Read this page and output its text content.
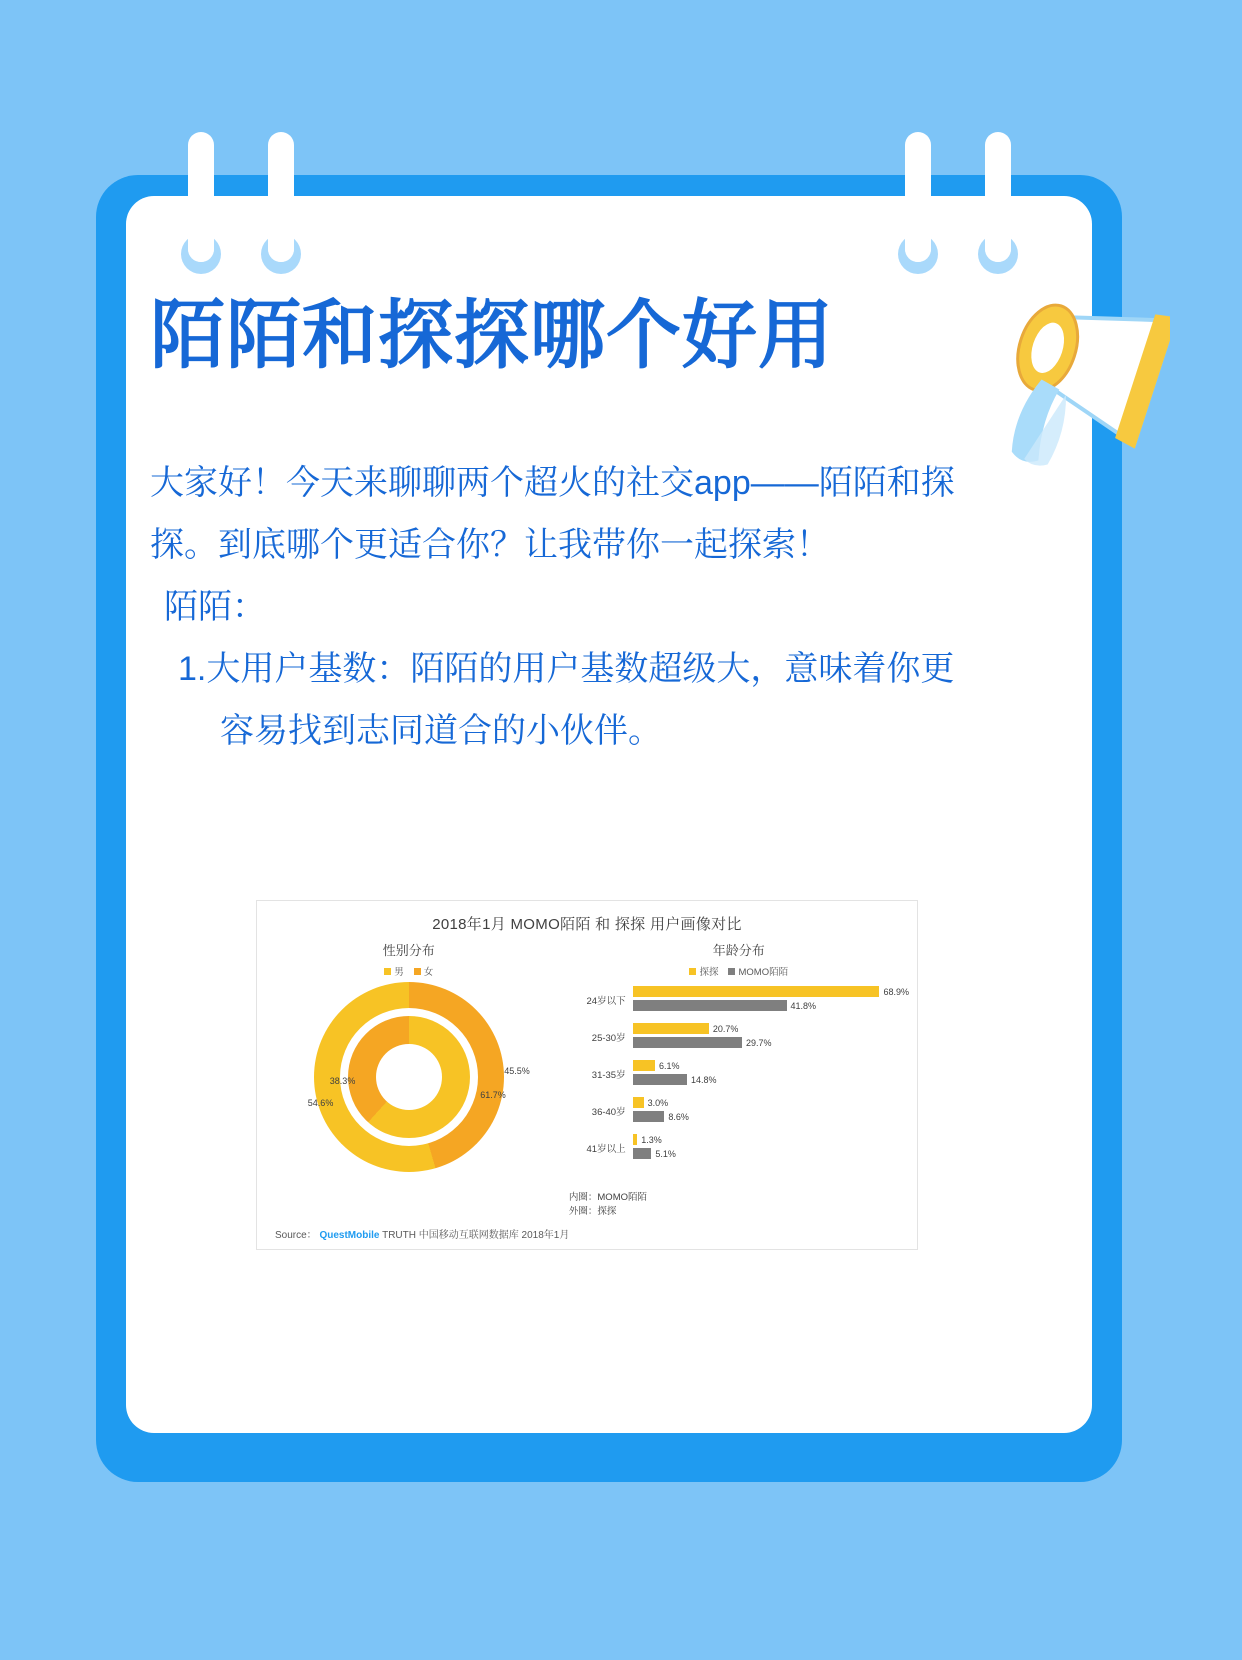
陌陌和探探哪个好用

大家好！今天来聊聊两个超火的社交app——陌陌和探

探。到底哪个更适合你？让我带你一起探索！

陌陌：

1. 大用户基数：陌陌的用户基数超级大，意味着你更

容易找到志同道合的小伙伴。

2018年1月 MOMO陌陌 和 探探 用户画像对比
性别分布
男	女
38.3%
54.6%
45.5%
61.7%
年龄分布
探探	MOMO陌陌
24岁以下
68.9%
41.8%
25-30岁
20.7%
29.7%
31-35岁
6.1%
14.8%
36-40岁
3.0%
8.6%
41岁以上
1.3%
5.1%
内圈：MOMO陌陌
外圈：探探
Source： QuestMobile TRUTH 中国移动互联网数据库 2018年1月
